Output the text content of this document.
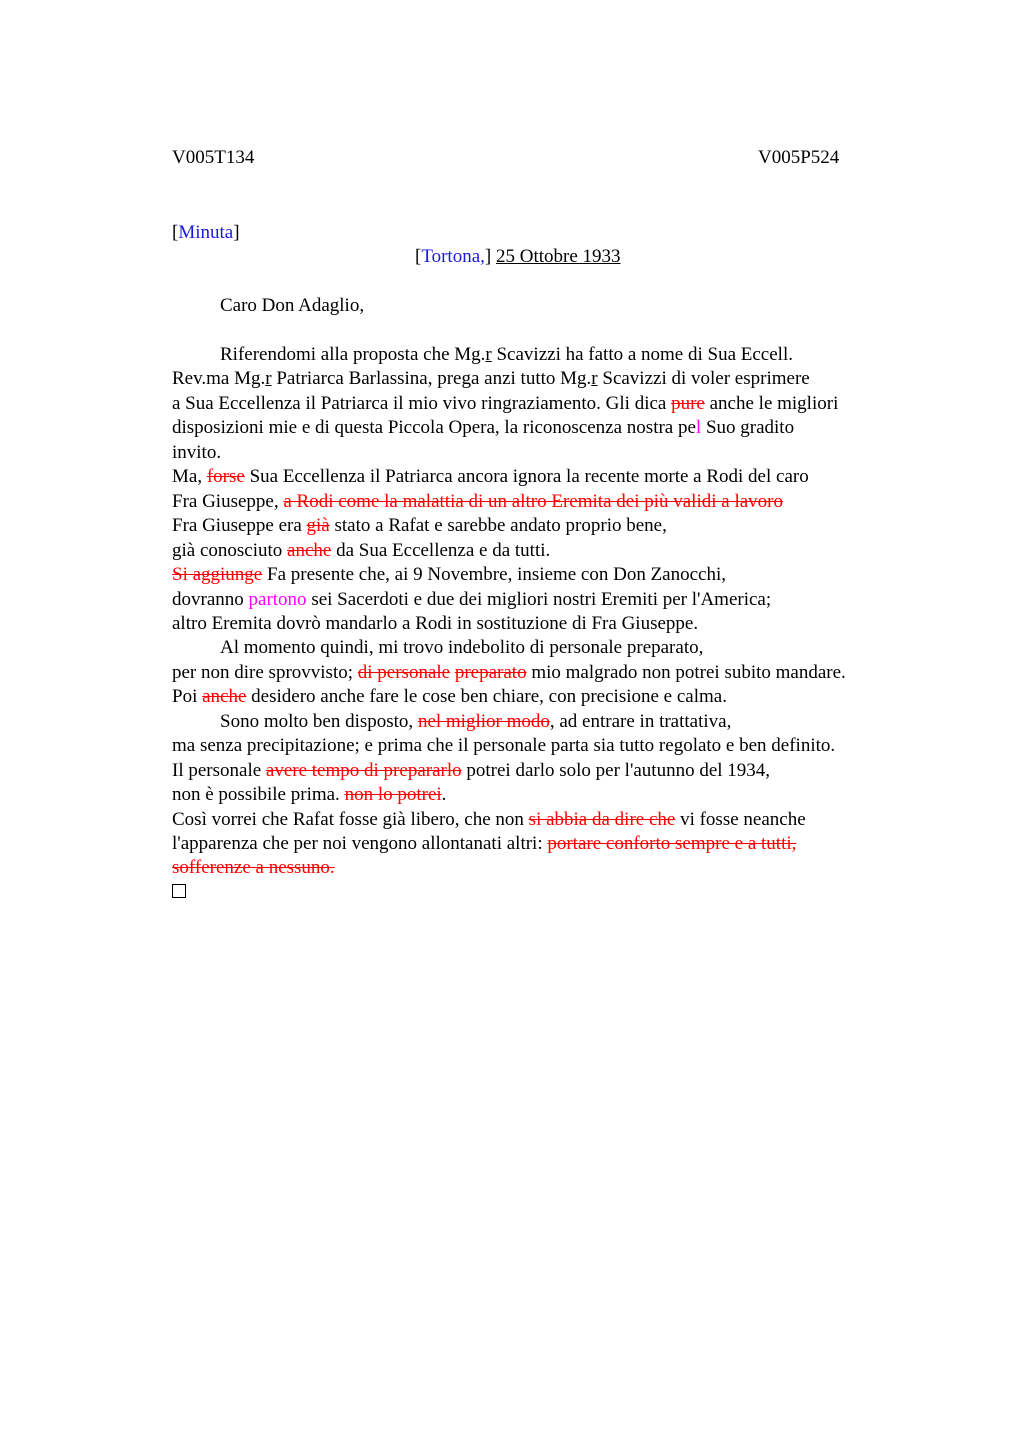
V005T134	V005P524
[Minuta]
[Tortona,] 25 Ottobre 1933
Caro Don Adaglio,
Riferendomi alla proposta che Mg.r Scavizzi ha fatto a nome di Sua Eccell.
Rev.ma Mg.r Patriarca Barlassina, prega anzi tutto Mg.r Scavizzi di voler esprimere
a Sua Eccellenza il Patriarca il mio vivo ringraziamento. Gli dica pure anche le migliori
disposizioni mie e di questa Piccola Opera, la riconoscenza nostra pel Suo gradito
invito.
Ma, forse Sua Eccellenza il Patriarca ancora ignora la recente morte a Rodi del caro
Fra Giuseppe, a Rodi come la malattia di un altro Eremita dei più validi a lavoro
Fra Giuseppe era già stato a Rafat e sarebbe andato proprio bene,
già conosciuto anche da Sua Eccellenza e da tutti.
Si aggiunge Fa presente che, ai 9 Novembre, insieme con Don Zanocchi,
dovranno partono sei Sacerdoti e due dei migliori nostri Eremiti per l'America;
altro Eremita dovrò mandarlo a Rodi in sostituzione di Fra Giuseppe.
Al momento quindi, mi trovo indebolito di personale preparato,
per non dire sprovvisto; di personale preparato mio malgrado non potrei subito mandare.
Poi anche desidero anche fare le cose ben chiare, con precisione e calma.
Sono molto ben disposto, nel miglior modo, ad entrare in trattativa,
ma senza precipitazione; e prima che il personale parta sia tutto regolato e ben definito.
Il personale avere tempo di prepararlo potrei darlo solo per l'autunno del 1934,
non è possibile prima. non lo potrei.
Così vorrei che Rafat fosse già libero, che non si abbia da dire che vi fosse neanche
l'apparenza che per noi vengono allontanati altri: portare conforto sempre e a tutti,
sofferenze a nessuno.
